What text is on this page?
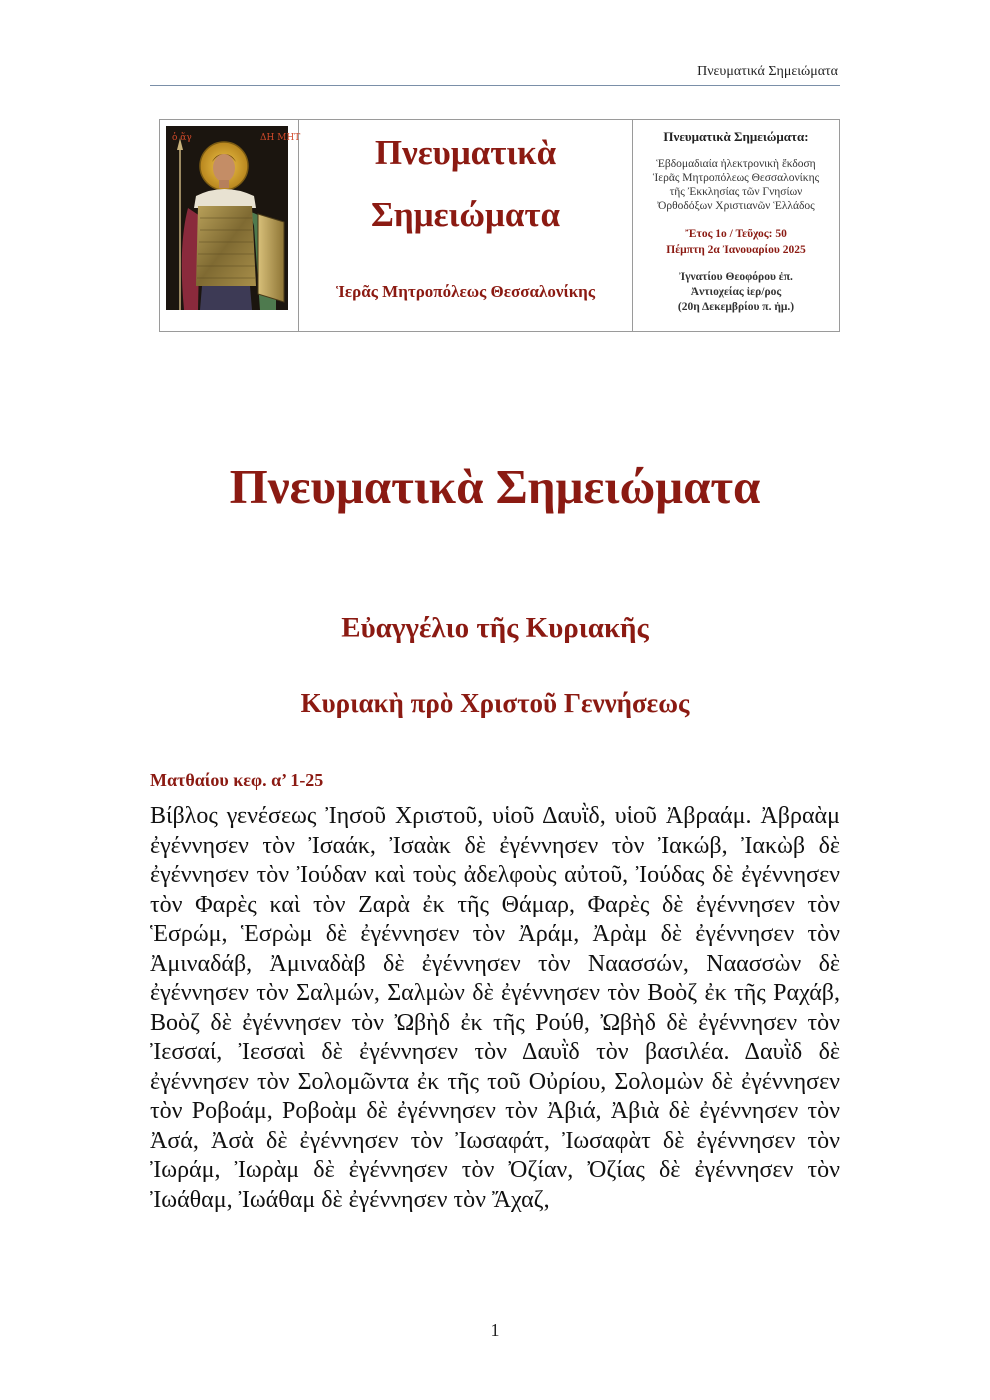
Πνευματικά Σημειώματα
ὁ ἅγ	ΔΗ ΜΗΤ	Πνευματικὰ
Σημειώματα
Ἱερᾶς Μητροπόλεως Θεσσαλονίκης

Πνευματικὰ Σημειώματα:
Ἑβδομαδιαία ἠλεκτρονικὴ ἔκδοση
Ἱερᾶς Μητροπόλεως Θεσσαλονίκης
τῆς Ἐκκλησίας τῶν Γνησίων
Ὀρθοδόξων Χριστιανῶν Ἑλλάδος
Ἔτος 1ο / Τεῦχος: 50
Πέμπτη 2α Ἰανουαρίου 2025
Ἰγνατίου Θεοφόρου ἐπ.
Ἀντιοχείας ἱερ/ρος
(20η Δεκεμβρίου π. ἡμ.)
Πνευματικὰ Σημειώματα
Εὐαγγέλιο τῆς Κυριακῆς
Κυριακὴ πρὸ Χριστοῦ Γεννήσεως
Ματθαίου κεφ. α’ 1-25

Βίβλος γενέσεως Ἰησοῦ Χριστοῦ, υἱοῦ Δαυῒδ, υἱοῦ Ἀβραάμ. Ἀβραὰμ ἐγέννησεν τὸν Ἰσαάκ, Ἰσαὰκ δὲ ἐγέννησεν τὸν Ἰακώβ, Ἰακὼβ δὲ ἐγέννησεν τὸν Ἰούδαν καὶ τοὺς ἀδελφοὺς αὐτοῦ, Ἰούδας δὲ ἐγέννησεν τὸν Φαρὲς καὶ τὸν Ζαρὰ ἐκ τῆς Θάμαρ, Φαρὲς δὲ ἐγέννησεν τὸν Ἑσρώμ, Ἑσρὼμ δὲ ἐγέννησεν τὸν Ἀράμ, Ἀρὰμ δὲ ἐγέννησεν τὸν Ἀμιναδάβ, Ἀμιναδὰβ δὲ ἐγέννησεν τὸν Ναασσών, Ναασσὼν δὲ ἐγέννησεν τὸν Σαλμών, Σαλμὼν δὲ ἐγέννησεν τὸν Βοὸζ ἐκ τῆς Ραχάβ, Βοὸζ δὲ ἐγέννησεν τὸν Ὠβὴδ ἐκ τῆς Ρούθ, Ὠβὴδ δὲ ἐγέννησεν τὸν Ἰεσσαί, Ἰεσσαὶ δὲ ἐγέννησεν τὸν Δαυῒδ τὸν βασιλέα. Δαυῒδ δὲ ἐγέννησεν τὸν Σολομῶντα ἐκ τῆς τοῦ Οὐρίου, Σολομὼν δὲ ἐγέννησεν τὸν Ροβοάμ, Ροβοὰμ δὲ ἐγέννησεν τὸν Ἀβιά, Ἀβιὰ δὲ ἐγέννησεν τὸν Ἀσά, Ἀσὰ δὲ ἐγέννησεν τὸν Ἰωσαφάτ, Ἰωσαφὰτ δὲ ἐγέννησεν τὸν Ἰωράμ, Ἰωρὰμ δὲ ἐγέννησεν τὸν Ὀζίαν, Ὀζίας δὲ ἐγέννησεν τὸν Ἰωάθαμ, Ἰωάθαμ δὲ ἐγέννησεν τὸν Ἄχαζ,

1
